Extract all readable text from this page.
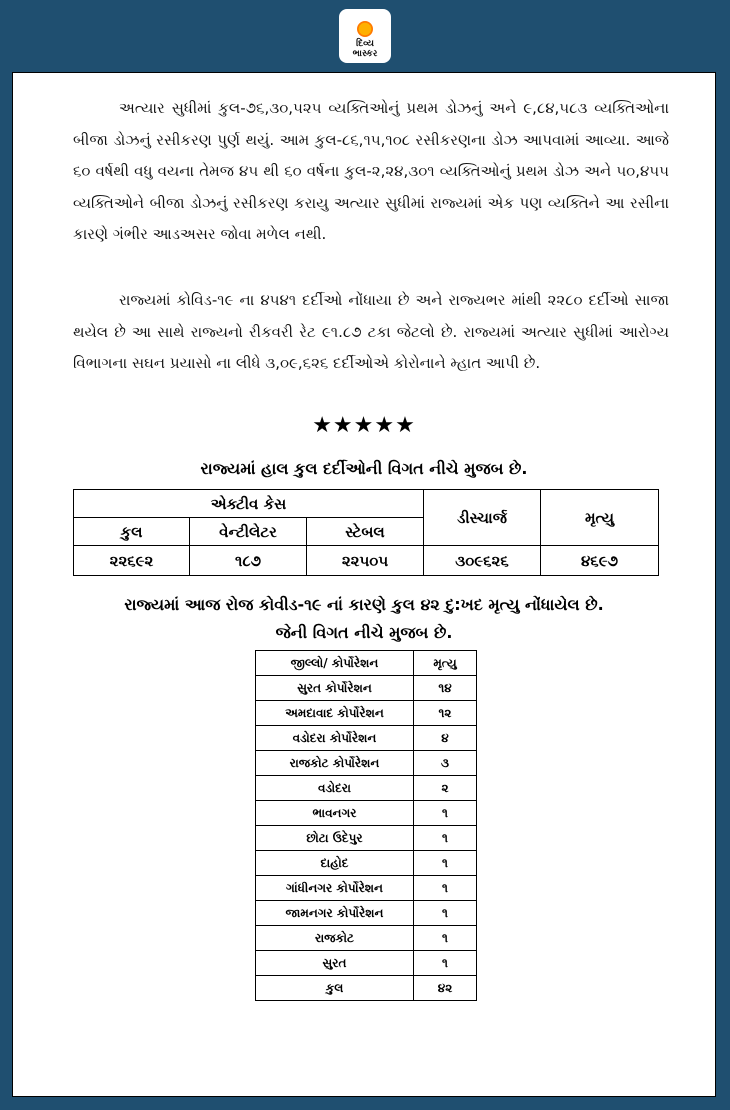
દિવ્ય
ભાસ્કર
અત્યાર સુધીમાં કુલ-૭૬,૩૦,૫૨૫ વ્યક્તિઓનું પ્રથમ ડોઝનું અને ૯,૮૪,૫૮૩ વ્યક્તિઓના બીજા ડોઝનું રસીકરણ પુર્ણ થયું. આમ કુલ-૮૬,૧૫,૧૦૮ રસીકરણના ડોઝ આપવામાં આવ્યા. આજે ૬૦ વર્ષથી વધુ વયના તેમજ ૪૫ થી ૬૦ વર્ષના કુલ-૨,૨૪,૩૦૧ વ્યક્તિઓનું પ્રથમ ડોઝ અને ૫૦,૪૫૫ વ્યક્તિઓને બીજા ડોઝનું રસીકરણ કરાયુ અત્યાર સુધીમાં રાજ્યમાં એક પણ વ્યક્તિને આ રસીના કારણે ગંભીર આડઅસર જોવા મળેલ નથી.
રાજ્યમાં કોવિડ-૧૯ ના ૪૫૪૧ દર્દીઓ નોંધાયા છે અને રાજ્યભર માંથી ૨૨૮૦ દર્દીઓ સાજા થયેલ છે આ સાથે રાજ્યનો રીકવરી રેટ ૯૧.૮૭ ટકા જેટલો છે. રાજ્યમાં અત્યાર સુધીમાં આરોગ્ય વિભાગના સઘન પ્રયાસો ના લીધે ૩,૦૯,૬૨૬ દર્દીઓએ કોરોનાને મ્હાત આપી છે.
★★★★★
રાજ્યમાં હાલ કુલ દર્દીઓની વિગત નીચે મુજબ છે.
એક્ટીવ કેસ			ડીસ્ચાર્જ	મૃત્યુ
કુલ	વેન્ટીલેટર	સ્ટેબલ		
૨૨૬૯૨	૧૮૭	૨૨૫૦૫	૩૦૯૬૨૬	૪૬૯૭
રાજ્યમાં આજ રોજ કોવીડ-૧૯ નાં કારણે કુલ ૪૨ દુ:ખદ મૃત્યુ નોંધાયેલ છે.
જેની વિગત નીચે મુજબ છે.
જીલ્લો/ કોર્પોરેશન	મૃત્યુ
સુરત કોર્પોરેશન	૧૪
અમદાવાદ કોર્પોરેશન	૧૨
વડોદરા કોર્પોરેશન	૪
રાજકોટ કોર્પોરેશન	૩
વડોદરા	૨
ભાવનગર	૧
છોટા ઉદેપુર	૧
દાહોદ	૧
ગાંધીનગર કોર્પોરેશન	૧
જામનગર કોર્પોરેશન	૧
રાજકોટ	૧
સુરત	૧
કુલ	૪૨
